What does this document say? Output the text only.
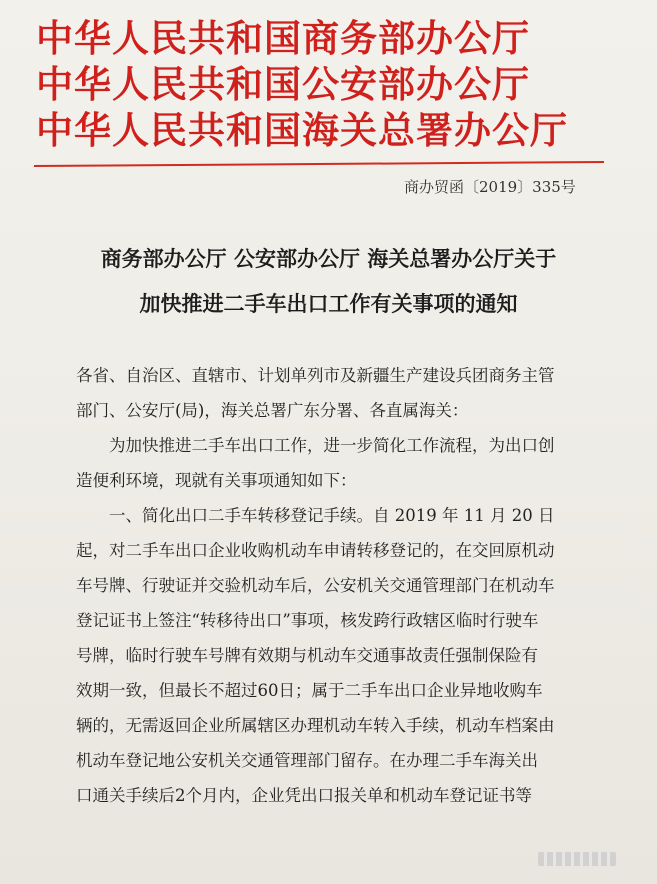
中华人民共和国商务部办公厅
中华人民共和国公安部办公厅
中华人民共和国海关总署办公厅
商办贸函〔2019〕335号
商务部办公厅 公安部办公厅 海关总署办公厅关于
加快推进二手车出口工作有关事项的通知
各省、自治区、直辖市、计划单列市及新疆生产建设兵团商务主管
部门、公安厅(局)，海关总署广东分署、各直属海关：
　　为加快推进二手车出口工作，进一步简化工作流程，为出口创
造便利环境，现就有关事项通知如下：
　　一、简化出口二手车转移登记手续。自 2019 年 11 月 20 日
起，对二手车出口企业收购机动车申请转移登记的，在交回原机动
车号牌、行驶证并交验机动车后，公安机关交通管理部门在机动车
登记证书上签注“转移待出口”事项，核发跨行政辖区临时行驶车
号牌，临时行驶车号牌有效期与机动车交通事故责任强制保险有
效期一致，但最长不超过60日；属于二手车出口企业异地收购车
辆的，无需返回企业所属辖区办理机动车转入手续，机动车档案由
机动车登记地公安机关交通管理部门留存。在办理二手车海关出
口通关手续后2个月内，企业凭出口报关单和机动车登记证书等
